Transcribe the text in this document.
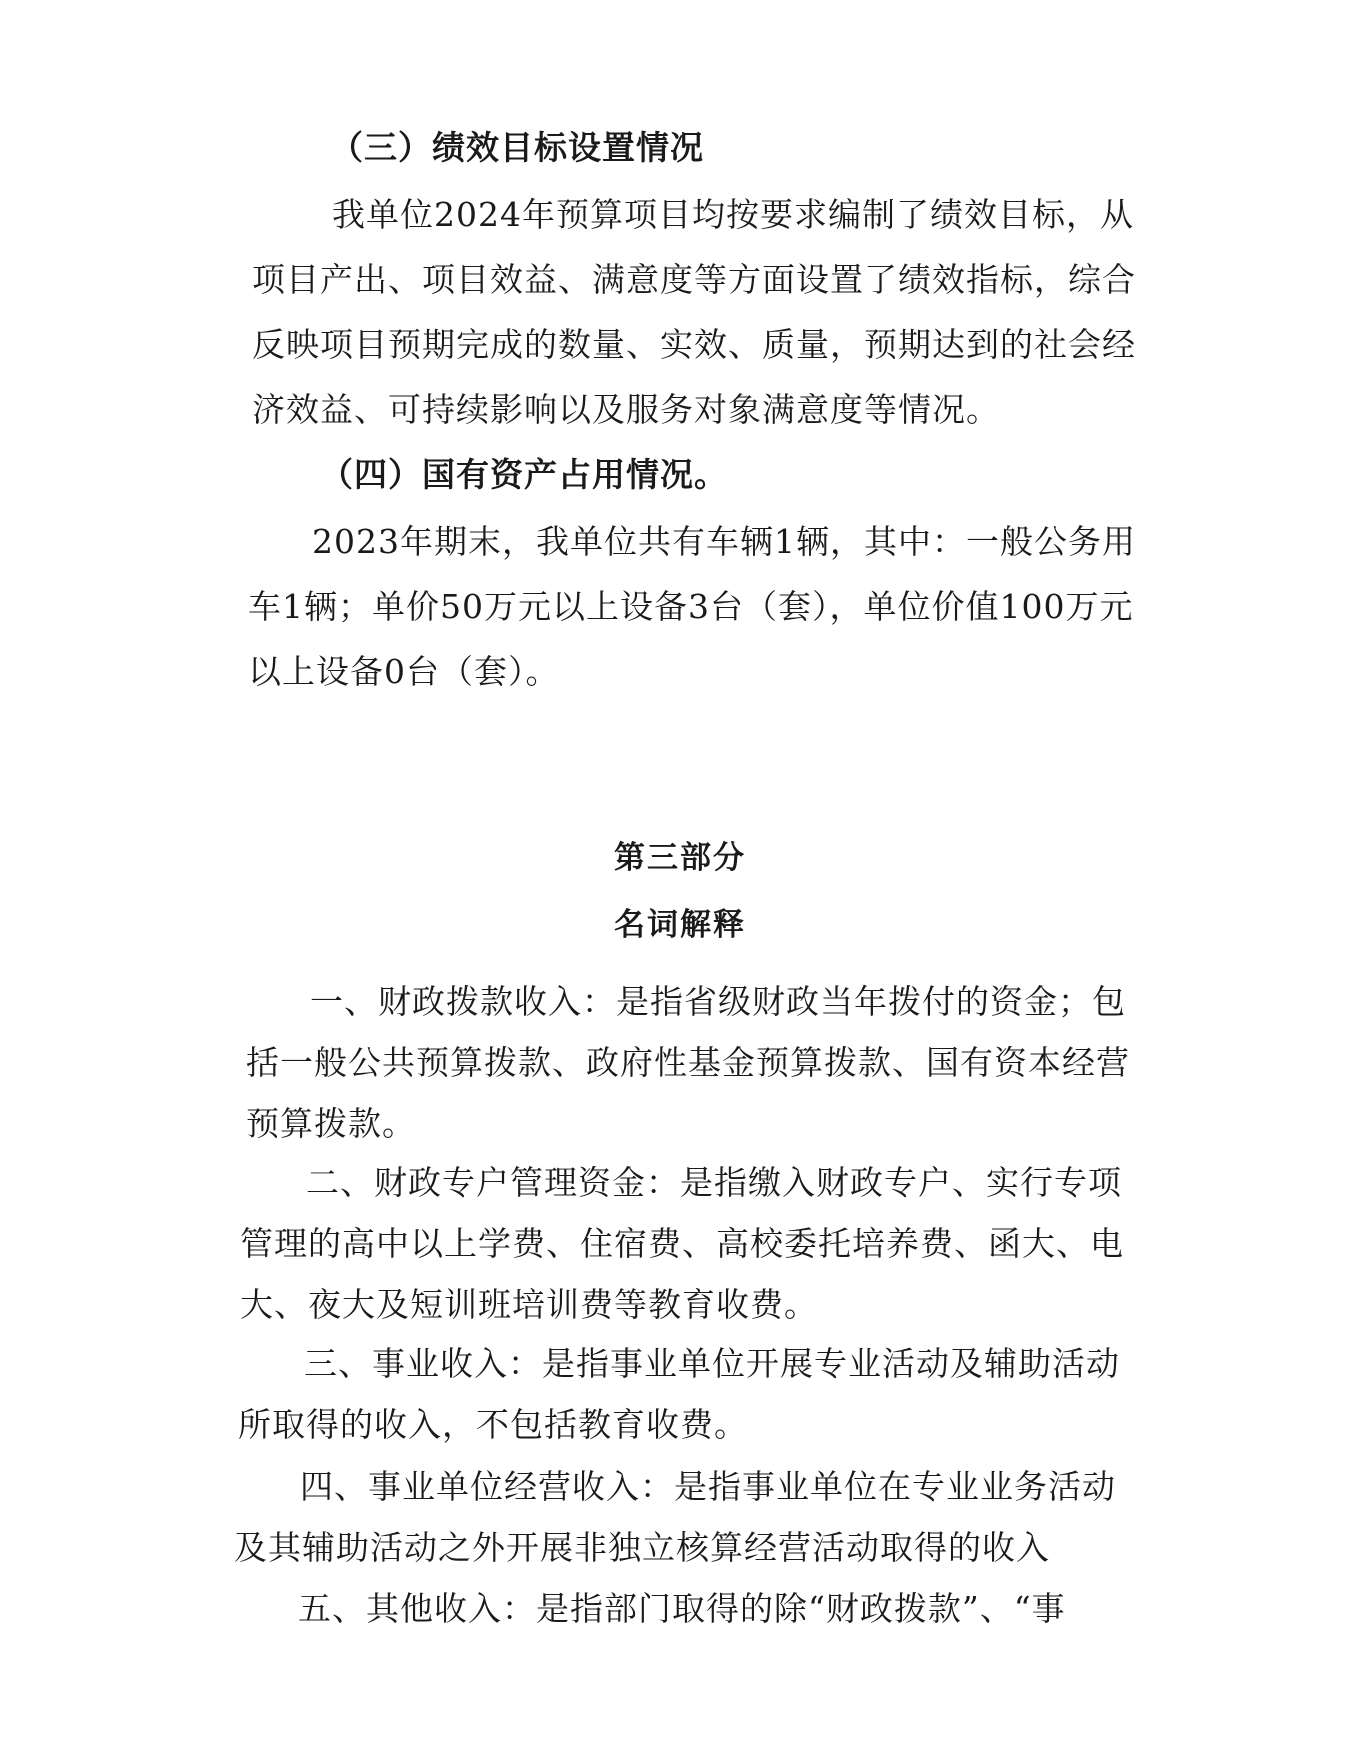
（三）绩效目标设置情况
我单位2024年预算项目均按要求编制了绩效目标，从
项目产出、项目效益、满意度等方面设置了绩效指标，综合
反映项目预期完成的数量、实效、质量，预期达到的社会经
济效益、可持续影响以及服务对象满意度等情况。
（四）国有资产占用情况。
2023年期末，我单位共有车辆1辆，其中：一般公务用
车1辆；单价50万元以上设备3台（套），单位价值100万元
以上设备0台（套）。
第三部分
名词解释
一、财政拨款收入：是指省级财政当年拨付的资金；包
括一般公共预算拨款、政府性基金预算拨款、国有资本经营
预算拨款。
二、财政专户管理资金：是指缴入财政专户、实行专项
管理的高中以上学费、住宿费、高校委托培养费、函大、电
大、夜大及短训班培训费等教育收费。
三、事业收入：是指事业单位开展专业活动及辅助活动
所取得的收入，不包括教育收费。
四、事业单位经营收入：是指事业单位在专业业务活动
及其辅助活动之外开展非独立核算经营活动取得的收入
五、其他收入：是指部门取得的除“财政拨款”、“事
